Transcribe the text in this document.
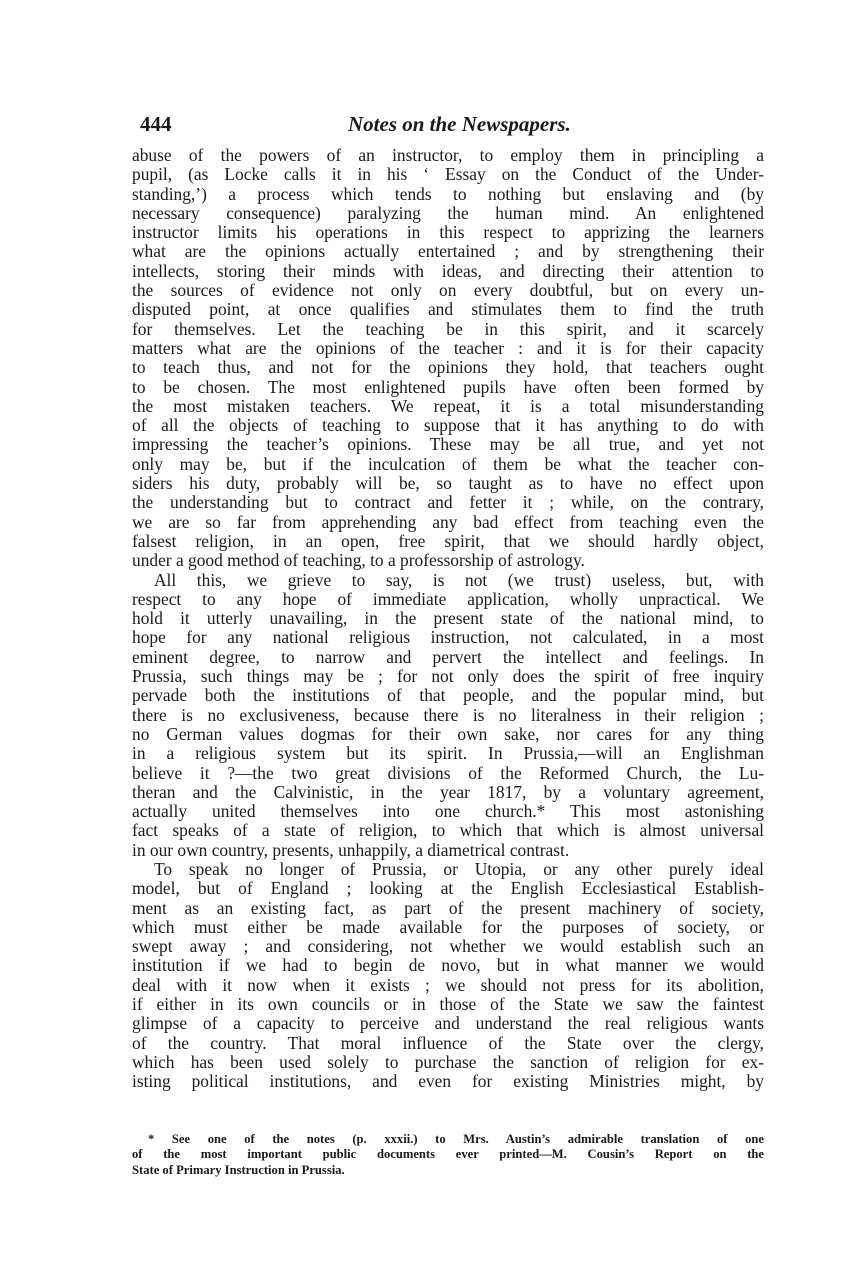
444	Notes on the Newspapers.
abuse of the powers of an instructor, to employ them in principling a
pupil, (as Locke calls it in his ‘ Essay on the Conduct of the Under-
standing,’) a process which tends to nothing but enslaving and (by
necessary consequence) paralyzing the human mind. An enlightened
instructor limits his operations in this respect to apprizing the learners
what are the opinions actually entertained ; and by strengthening their
intellects, storing their minds with ideas, and directing their attention to
the sources of evidence not only on every doubtful, but on every un-
disputed point, at once qualifies and stimulates them to find the truth
for themselves. Let the teaching be in this spirit, and it scarcely
matters what are the opinions of the teacher : and it is for their capacity
to teach thus, and not for the opinions they hold, that teachers ought
to be chosen. The most enlightened pupils have often been formed by
the most mistaken teachers. We repeat, it is a total misunderstanding
of all the objects of teaching to suppose that it has anything to do with
impressing the teacher’s opinions. These may be all true, and yet not
only may be, but if the inculcation of them be what the teacher con-
siders his duty, probably will be, so taught as to have no effect upon
the understanding but to contract and fetter it ; while, on the contrary,
we are so far from apprehending any bad effect from teaching even the
falsest religion, in an open, free spirit, that we should hardly object,
under a good method of teaching, to a professorship of astrology.
All this, we grieve to say, is not (we trust) useless, but, with
respect to any hope of immediate application, wholly unpractical. We
hold it utterly unavailing, in the present state of the national mind, to
hope for any national religious instruction, not calculated, in a most
eminent degree, to narrow and pervert the intellect and feelings. In
Prussia, such things may be ; for not only does the spirit of free inquiry
pervade both the institutions of that people, and the popular mind, but
there is no exclusiveness, because there is no literalness in their religion ;
no German values dogmas for their own sake, nor cares for any thing
in a religious system but its spirit. In Prussia,—will an Englishman
believe it ?—the two great divisions of the Reformed Church, the Lu-
theran and the Calvinistic, in the year 1817, by a voluntary agreement,
actually united themselves into one church.* This most astonishing
fact speaks of a state of religion, to which that which is almost universal
in our own country, presents, unhappily, a diametrical contrast.
To speak no longer of Prussia, or Utopia, or any other purely ideal
model, but of England ; looking at the English Ecclesiastical Establish-
ment as an existing fact, as part of the present machinery of society,
which must either be made available for the purposes of society, or
swept away ; and considering, not whether we would establish such an
institution if we had to begin de novo, but in what manner we would
deal with it now when it exists ; we should not press for its abolition,
if either in its own councils or in those of the State we saw the faintest
glimpse of a capacity to perceive and understand the real religious wants
of the country. That moral influence of the State over the clergy,
which has been used solely to purchase the sanction of religion for ex-
isting political institutions, and even for existing Ministries might, by
* See one of the notes (p. xxxii.) to Mrs. Austin’s admirable translation of one
of the most important public documents ever printed—M. Cousin’s Report on the
State of Primary Instruction in Prussia.
